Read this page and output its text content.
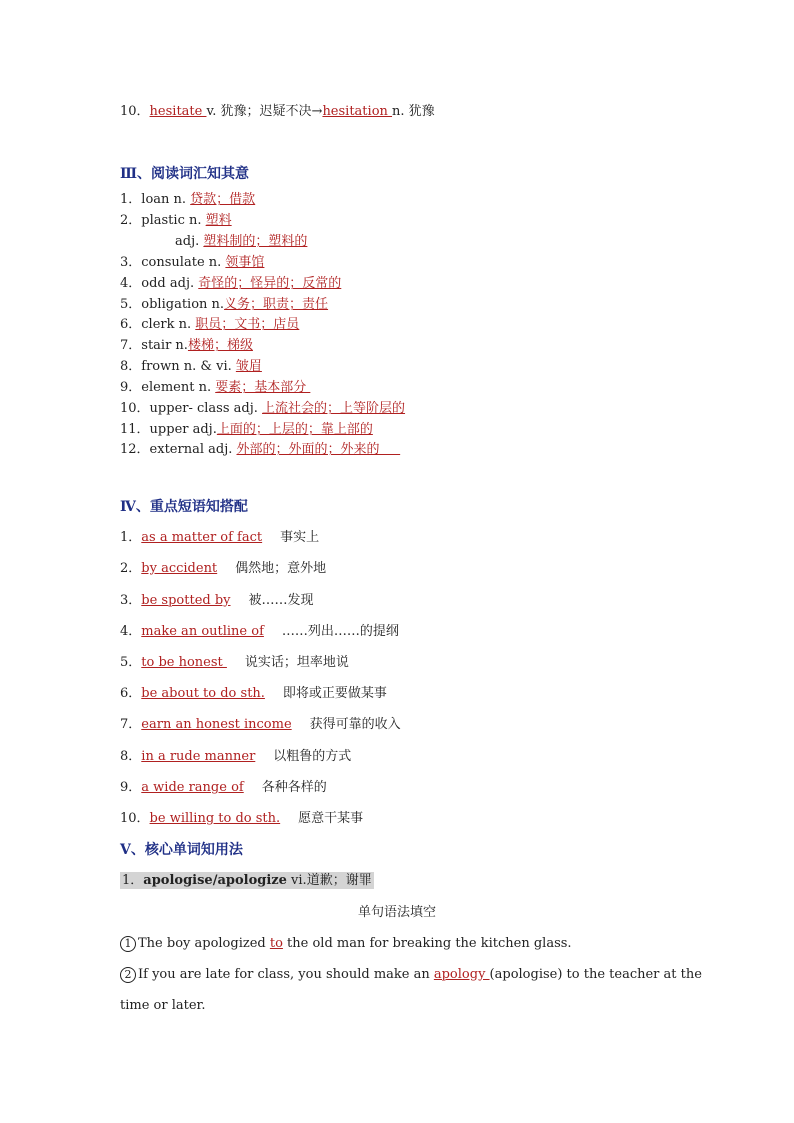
10．hesitate v. 犹豫；迟疑不决→hesitation n. 犹豫
Ⅲ、阅读词汇知其意
1．loan n. 贷款；借款
2．plastic n. 塑料
adj. 塑料制的；塑料的
3．consulate n. 领事馆
4．odd adj. 奇怪的；怪异的；反常的
5．obligation n.义务；职责；责任
6．clerk n. 职员；文书；店员
7．stair n.楼梯；梯级
8．frown n. & vi. 皱眉
9．element n. 要素；基本部分
10．upper- class adj. 上流社会的；上等阶层的
11．upper adj.上面的；上层的；靠上部的
12．external adj. 外部的；外面的；外来的
Ⅳ、重点短语知搭配
1．as a matter of fact 事实上
2．by accident 偶然地；意外地
3．be spotted by 被……发现
4．make an outline of ……列出……的提纲
5．to be honest 说实话；坦率地说
6．be about to do sth. 即将或正要做某事
7．earn an honest income 获得可靠的收入
8．in a rude manner 以粗鲁的方式
9．a wide range of 各种各样的
10．be willing to do sth. 愿意干某事
Ⅴ、核心单词知用法
1．apologise/apologize vi.道歉；谢罪
单句语法填空
1 The boy apologized to the old man for breaking the kitchen glass.
2 If you are late for class, you should make an apology (apologise) to the teacher at the
time or later.
